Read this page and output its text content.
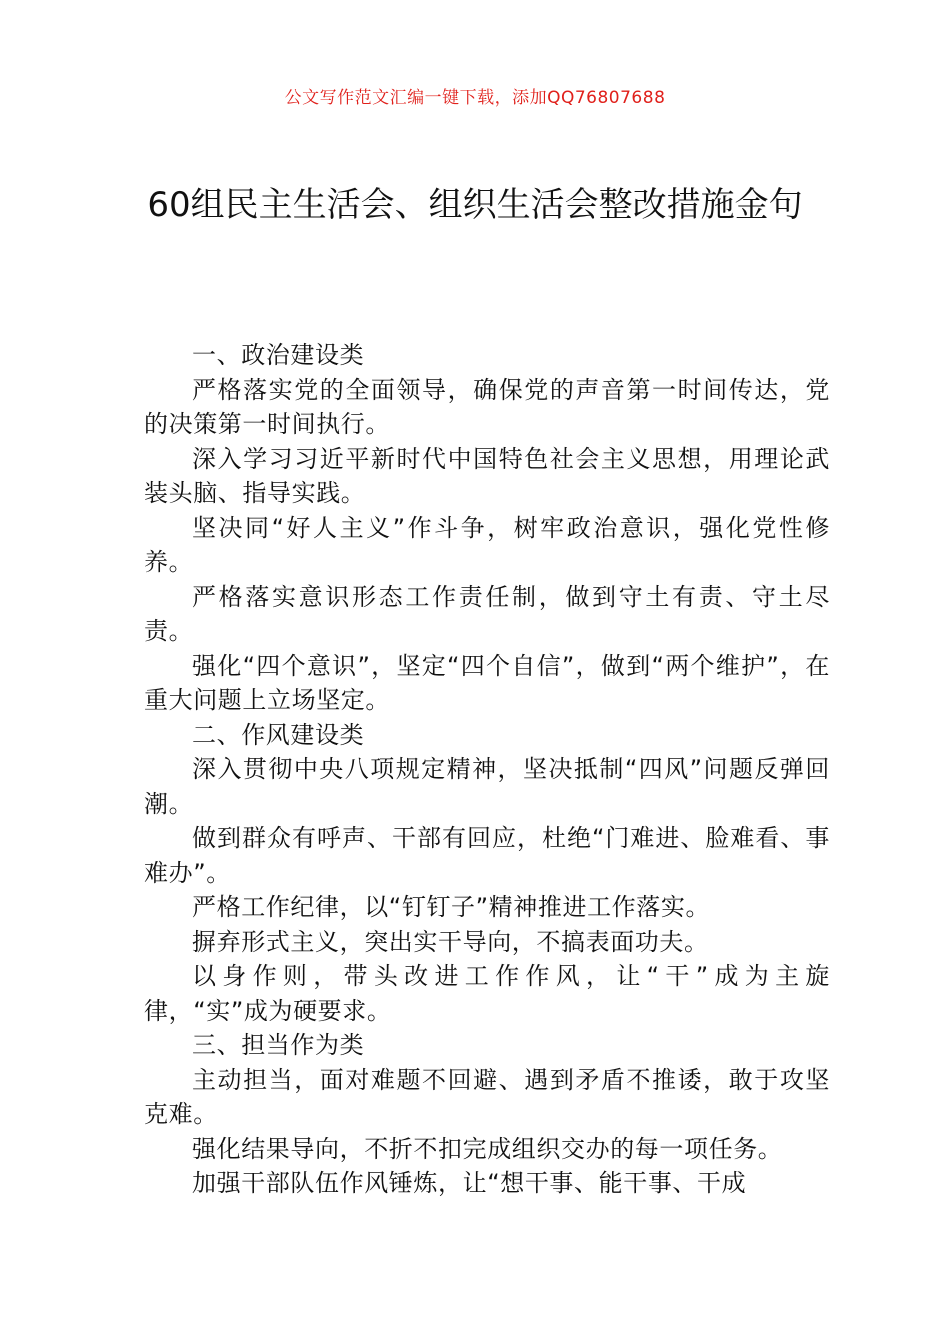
公文写作范文汇编一键下载，添加QQ76807688
60组民主生活会、组织生活会整改措施金句

一、政治建设类

严格落实党的全面领导，确保党的声音第一时间传达，党的决策第一时间执行。

深入学习习近平新时代中国特色社会主义思想，用理论武装头脑、指导实践。

坚决同“好人主义”作斗争，树牢政治意识，强化党性修养。

严格落实意识形态工作责任制，做到守土有责、守土尽责。

强化“四个意识”，坚定“四个自信”，做到“两个维护”，在重大问题上立场坚定。

二、作风建设类

深入贯彻中央八项规定精神，坚决抵制“四风”问题反弹回潮。

做到群众有呼声、干部有回应，杜绝“门难进、脸难看、事难办”。

严格工作纪律，以“钉钉子”精神推进工作落实。

摒弃形式主义，突出实干导向，不搞表面功夫。

以身作则，带头改进工作作风，让“干”成为主旋律，“实”成为硬要求。

三、担当作为类

主动担当，面对难题不回避、遇到矛盾不推诿，敢于攻坚克难。

强化结果导向，不折不扣完成组织交办的每一项任务。

加强干部队伍作风锤炼，让“想干事、能干事、干成
